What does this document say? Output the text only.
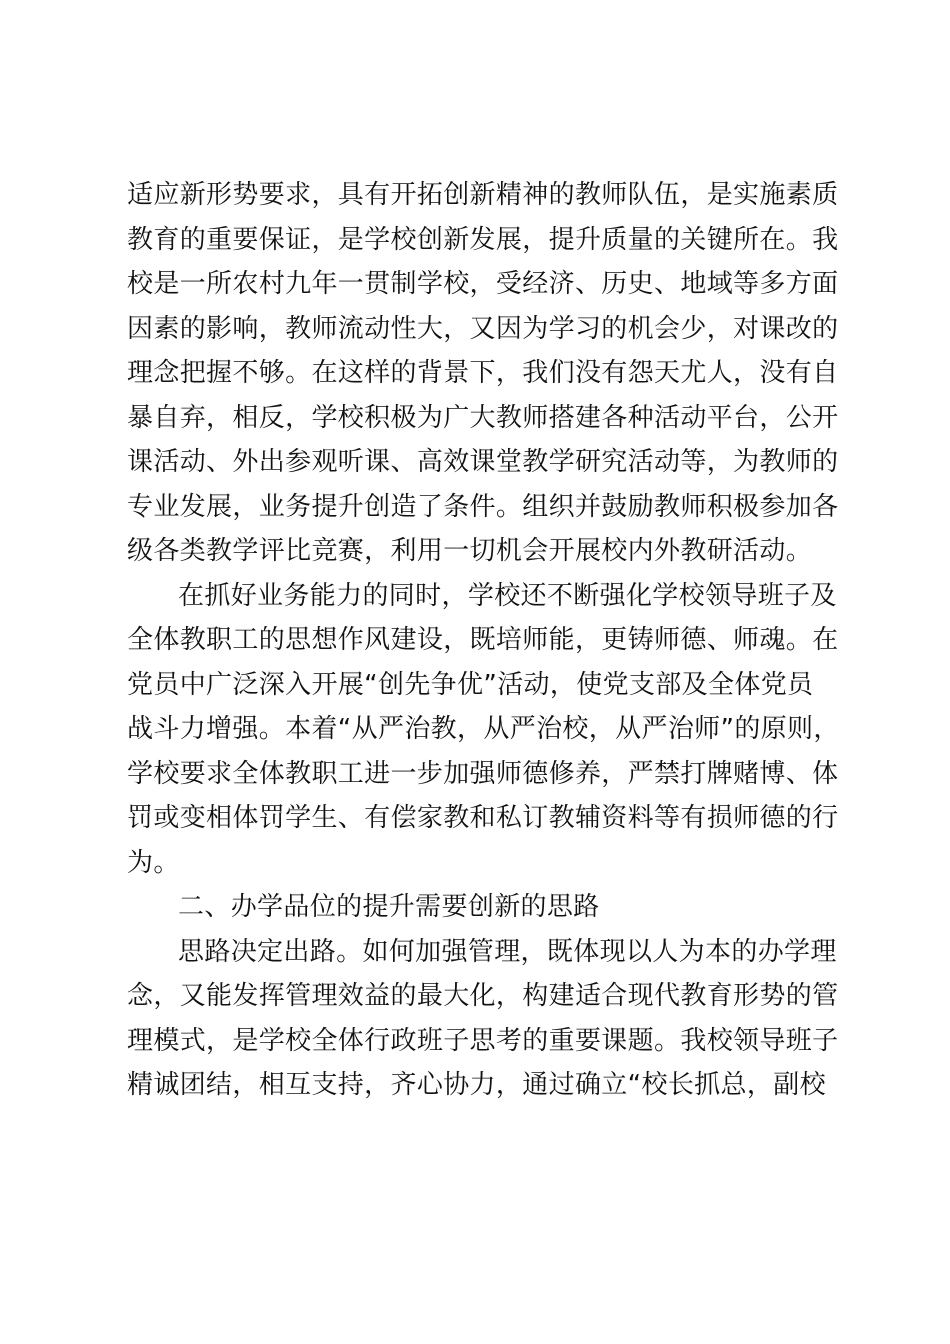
适应新形势要求，具有开拓创新精神的教师队伍，是实施素质
教育的重要保证，是学校创新发展，提升质量的关键所在。我
校是一所农村九年一贯制学校，受经济、历史、地域等多方面
因素的影响，教师流动性大，又因为学习的机会少，对课改的
理念把握不够。在这样的背景下，我们没有怨天尤人，没有自
暴自弃，相反，学校积极为广大教师搭建各种活动平台，公开
课活动、外出参观听课、高效课堂教学研究活动等，为教师的
专业发展，业务提升创造了条件。组织并鼓励教师积极参加各
级各类教学评比竞赛，利用一切机会开展校内外教研活动。
在抓好业务能力的同时，学校还不断强化学校领导班子及
全体教职工的思想作风建设，既培师能，更铸师德、师魂。在
党员中广泛深入开展“创先争优”活动，使党支部及全体党员
战斗力增强。本着“从严治教，从严治校，从严治师”的原则，
学校要求全体教职工进一步加强师德修养，严禁打牌赌博、体
罚或变相体罚学生、有偿家教和私订教辅资料等有损师德的行
为。
二、办学品位的提升需要创新的思路
思路决定出路。如何加强管理，既体现以人为本的办学理
念，又能发挥管理效益的最大化，构建适合现代教育形势的管
理模式，是学校全体行政班子思考的重要课题。我校领导班子
精诚团结，相互支持，齐心协力，通过确立“校长抓总，副校
